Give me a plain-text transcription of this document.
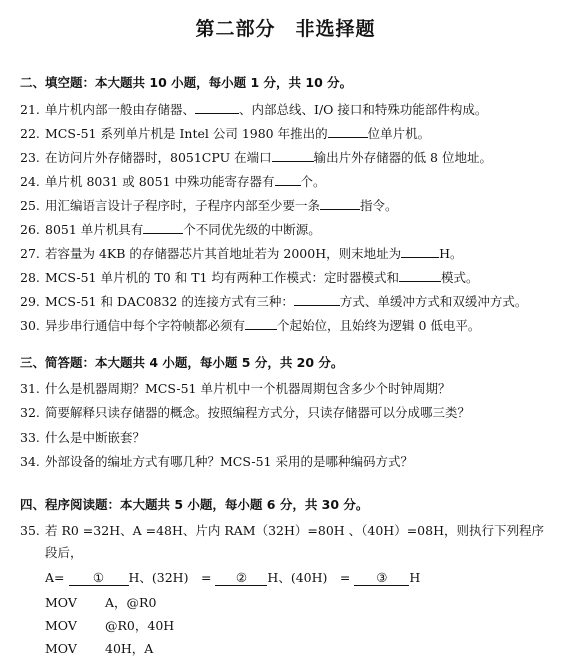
第二部分　非选择题
二、填空题：本大题共 10 小题，每小题 1 分，共 10 分。
21. 单片机内部一般由存储器、	、内部总线、I/O 接口和特殊功能部件构成。
22. MCS-51 系列单片机是 Intel 公司 1980 年推出的	位单片机。
23. 在访问片外存储器时，8051CPU 在端口	输出片外存储器的低 8 位地址。
24. 单片机 8031 或 8051 中殊功能寄存器有 个。
25. 用汇编语言设计子程序时，子程序内部至少要一条	指令。
26. 8051 单片机具有	个不同优先级的中断源。
27. 若容量为 4KB 的存储器芯片其首地址若为 2000H，则末地址为	H。
28. MCS-51 单片机的 T0 和 T1 均有两种工作模式：定时器模式和	模式。
29. MCS-51 和 DAC0832 的连接方式有三种：	方式、单缓冲方式和双缓冲方式。
30. 异步串行通信中每个字符帧都必须有	个起始位，且始终为逻辑 0 低电平。
三、简答题：本大题共 4 小题，每小题 5 分，共 20 分。
31. 什么是机器周期？MCS-51 单片机中一个机器周期包含多少个时钟周期？
32. 简要解释只读存储器的概念。按照编程方式分，只读存储器可以分成哪三类？
33. 什么是中断嵌套？
34. 外部设备的编址方式有哪几种？MCS-51 采用的是哪种编码方式？
四、程序阅读题：本大题共 5 小题，每小题 6 分，共 30 分。
35. 若 R0 =32H、A =48H、片内 RAM（32H）=80H 、（40H）=08H，则执行下列程序
段后，
A= ① H、(32H)　= ② H、(40H)　= ③ H
MOV A，@R0
MOV @R0，40H
MOV 40H，A
